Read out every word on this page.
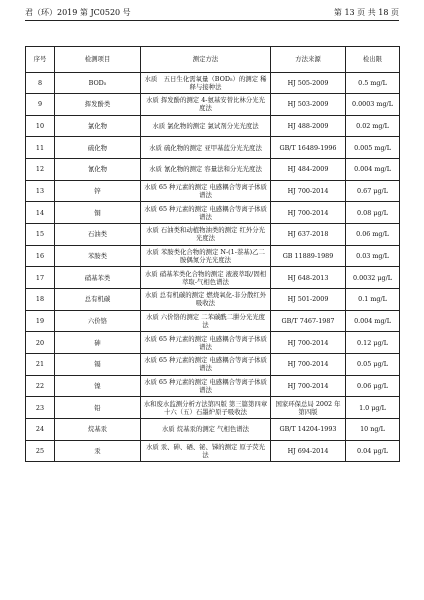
君（环）2019 第 JC0520 号	第 13 页 共 18 页
序号	检测项目	测定方法	方法来源	检出限
8	BOD₅	水质　五日生化需氧量（BOD₅）的测定 稀释与接种法	HJ 505-2009	0.5 mg/L
9	挥发酚类	水质 挥发酚的测定 4-氨基安替比林分光光度法	HJ 503-2009	0.0003 mg/L
10	氯化物	水质 氯化物的测定 氯试剂分光光度法	HJ 488-2009	0.02 mg/L
11	硫化物	水质 硫化物的测定 亚甲基蓝分光光度法	GB/T 16489-1996	0.005 mg/L
12	氰化物	水质 氰化物的测定 容量法和分光光度法	HJ 484-2009	0.004 mg/L
13	锌	水质 65 种元素的测定 电感耦合等离子体质谱法	HJ 700-2014	0.67 μg/L
14	铜	水质 65 种元素的测定 电感耦合等离子体质谱法	HJ 700-2014	0.08 μg/L
15	石油类	水质 石油类和动植物油类的测定 红外分光光度法	HJ 637-2018	0.06 mg/L
16	苯胺类	水质 苯胺类化合物的测定 N-(1-萘基)乙二胺偶氮分光光度法	GB 11889-1989	0.03 mg/L
17	硝基苯类	水质 硝基苯类化合物的测定 液液萃取/固相萃取-气相色谱法	HJ 648-2013	0.0032 μg/L
18	总有机碳	水质 总有机碳的测定 燃烧氧化-非分散红外吸收法	HJ 501-2009	0.1 mg/L
19	六价铬	水质 六价铬的测定 二苯碳酰二肼分光光度法	GB/T 7467-1987	0.004 mg/L
20	砷	水质 65 种元素的测定 电感耦合等离子体质谱法	HJ 700-2014	0.12 μg/L
21	镉	水质 65 种元素的测定 电感耦合等离子体质谱法	HJ 700-2014	0.05 μg/L
22	镍	水质 65 种元素的测定 电感耦合等离子体质谱法	HJ 700-2014	0.06 μg/L
23	铅	水和废水监测分析方法第四版 第三篇第四章十六（五）石墨炉原子吸收法	国家环保总局 2002 年第四版	1.0 μg/L
24	烷基汞	水质 烷基汞的测定 气相色谱法	GB/T 14204-1993	10 ng/L
25	汞	水质 汞、砷、硒、铋、锑的测定 原子荧光法	HJ 694-2014	0.04 μg/L
